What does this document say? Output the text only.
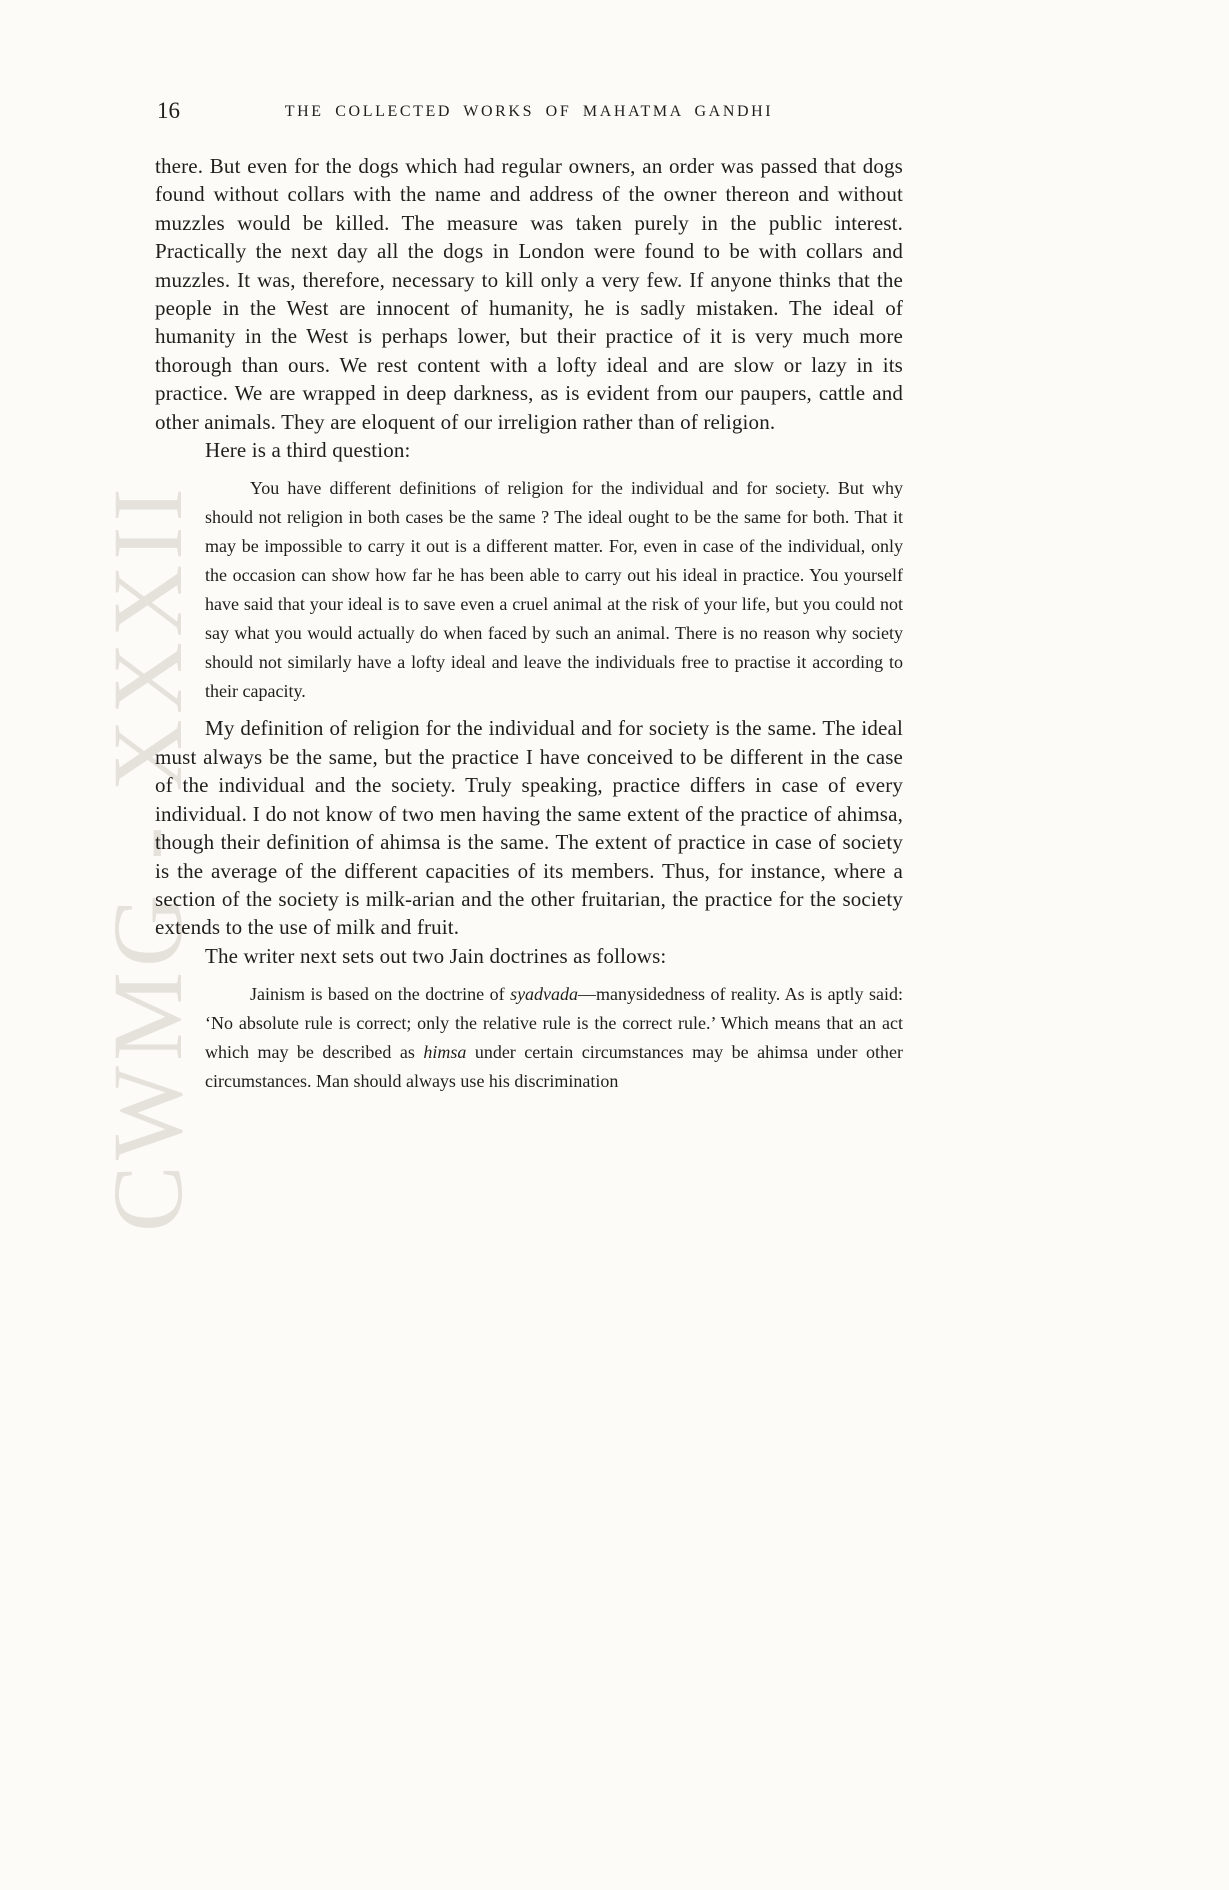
CWMG - XXXII
16	THE COLLECTED WORKS OF MAHATMA GANDHI

there. But even for the dogs which had regular owners, an order was passed that dogs found without collars with the name and address of the owner thereon and without muzzles would be killed. The measure was taken purely in the public interest. Practically the next day all the dogs in London were found to be with collars and muzzles. It was, therefore, necessary to kill only a very few. If anyone thinks that the people in the West are innocent of humanity, he is sadly mistaken. The ideal of humanity in the West is perhaps lower, but their practice of it is very much more thorough than ours. We rest content with a lofty ideal and are slow or lazy in its practice. We are wrapped in deep darkness, as is evident from our paupers, cattle and other animals. They are eloquent of our irreligion rather than of religion.

Here is a third question:

You have different definitions of religion for the individual and for society. But why should not religion in both cases be the same ? The ideal ought to be the same for both. That it may be impossible to carry it out is a different matter. For, even in case of the individual, only the occasion can show how far he has been able to carry out his ideal in practice. You yourself have said that your ideal is to save even a cruel animal at the risk of your life, but you could not say what you would actually do when faced by such an animal. There is no reason why society should not similarly have a lofty ideal and leave the individuals free to practise it according to their capacity.

My definition of religion for the individual and for society is the same. The ideal must always be the same, but the practice I have conceived to be different in the case of the individual and the society. Truly speaking, practice differs in case of every individual. I do not know of two men having the same extent of the practice of ahimsa, though their definition of ahimsa is the same. The extent of practice in case of society is the average of the different capacities of its members. Thus, for instance, where a section of the society is milk-arian and the other fruitarian, the practice for the society extends to the use of milk and fruit.

The writer next sets out two Jain doctrines as follows:

Jainism is based on the doctrine of syadvada—manysidedness of reality. As is aptly said: ‘No absolute rule is correct; only the relative rule is the correct rule.’ Which means that an act which may be described as himsa under certain circumstances may be ahimsa under other circumstances. Man should always use his discrimination
